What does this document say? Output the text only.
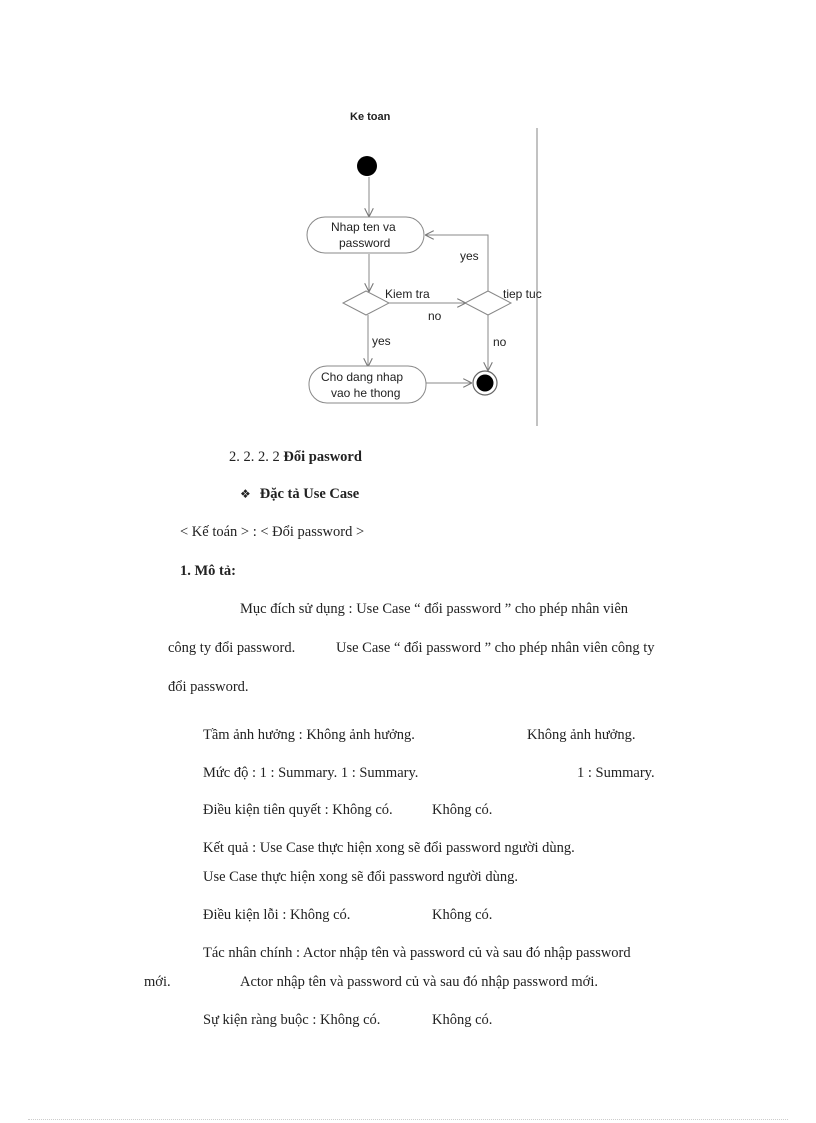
Ke toan
Nhap ten va
password
Kiem tra
no
tiep tuc
yes
yes	no
Cho dang nhap
vao he thong
2. 2. 2. 2 Đổi pasword
❖ Đặc tả Use Case
< Kế toán > : < Đổi password >
1. Mô tả:
Mục đích sử dụng : Use Case “ đổi password ” cho phép nhân viên
công ty đổi password.	Use Case “ đổi password ” cho phép nhân viên công ty
đổi password.
Tầm ảnh hưởng : Không ảnh hưởng.	Không ảnh hưởng.
Mức độ : 1 : Summary. 1 : Summary.	1 : Summary.
Điều kiện tiên quyết : Không có.	Không có.
Kết quả : Use Case thực hiện xong sẽ đổi password người dùng.
Use Case thực hiện xong sẽ đổi password người dùng.
Điều kiện lỗi : Không có.	Không có.
Tác nhân chính : Actor nhập tên và password củ và sau đó nhập password
mới.	Actor nhập tên và password củ và sau đó nhập password mới.
Sự kiện ràng buộc : Không có.	Không có.
